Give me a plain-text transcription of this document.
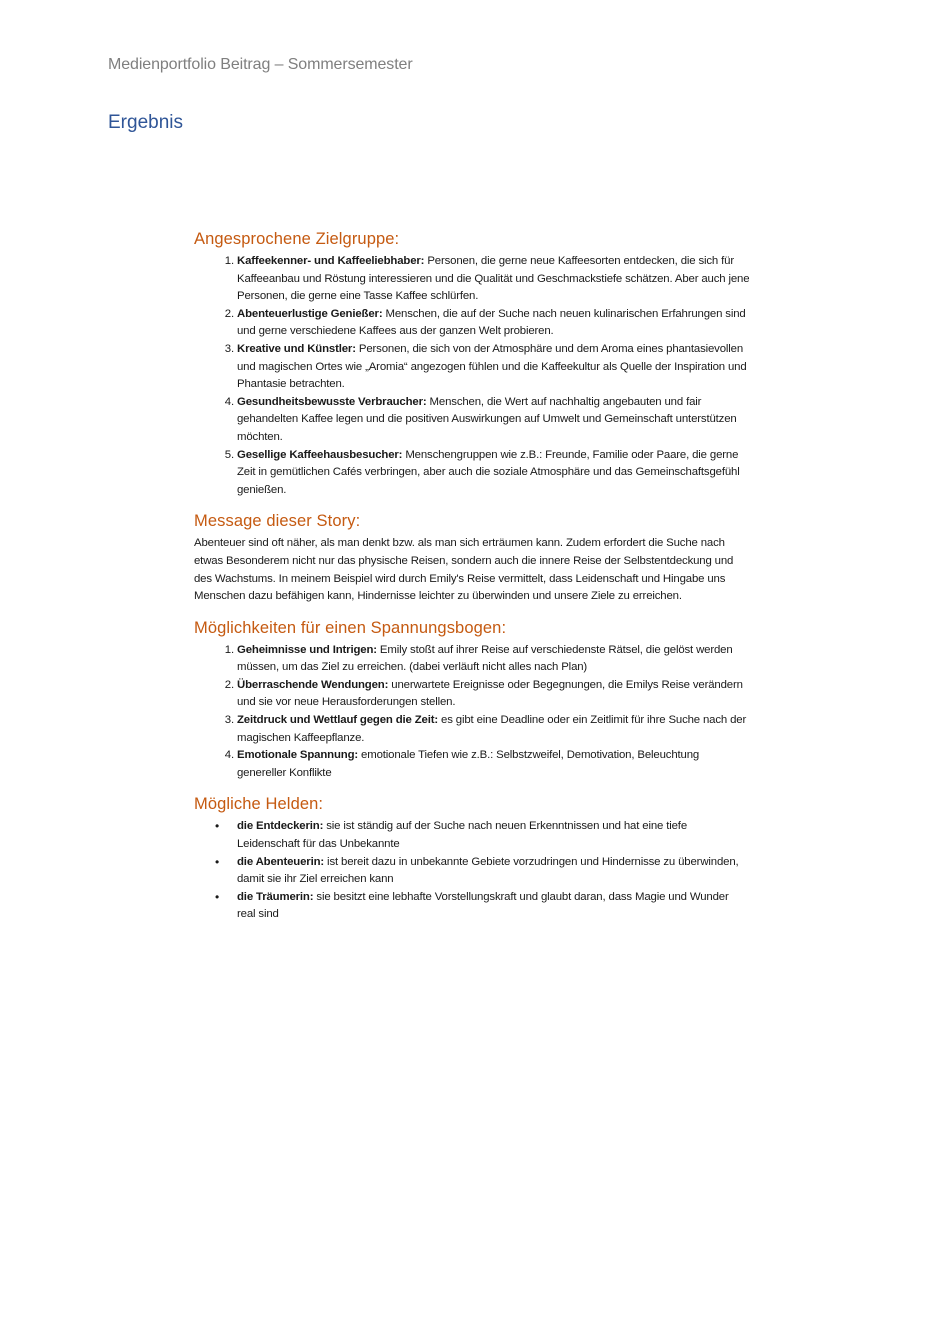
Medienportfolio Beitrag – Sommersemester
Ergebnis
Angesprochene Zielgruppe:
1. Kaffeekenner- und Kaffeeliebhaber: Personen, die gerne neue Kaffeesorten entdecken, die sich für Kaffeeanbau und Röstung interessieren und die Qualität und Geschmackstiefe schätzen. Aber auch jene Personen, die gerne eine Tasse Kaffee schlürfen.
2. Abenteuerlustige Genießer: Menschen, die auf der Suche nach neuen kulinarischen Erfahrungen sind und gerne verschiedene Kaffees aus der ganzen Welt probieren.
3. Kreative und Künstler: Personen, die sich von der Atmosphäre und dem Aroma eines phantasievollen und magischen Ortes wie „Aromia“ angezogen fühlen und die Kaffeekultur als Quelle der Inspiration und Phantasie betrachten.
4. Gesundheitsbewusste Verbraucher: Menschen, die Wert auf nachhaltig angebauten und fair gehandelten Kaffee legen und die positiven Auswirkungen auf Umwelt und Gemeinschaft unterstützen möchten.
5. Gesellige Kaffeehausbesucher: Menschengruppen wie z.B.: Freunde, Familie oder Paare, die gerne Zeit in gemütlichen Cafés verbringen, aber auch die soziale Atmosphäre und das Gemeinschaftsgefühl genießen.
Message dieser Story:

Abenteuer sind oft näher, als man denkt bzw. als man sich erträumen kann. Zudem erfordert die Suche nach etwas Besonderem nicht nur das physische Reisen, sondern auch die innere Reise der Selbstentdeckung und des Wachstums. In meinem Beispiel wird durch Emily's Reise vermittelt, dass Leidenschaft und Hingabe uns Menschen dazu befähigen kann, Hindernisse leichter zu überwinden und unsere Ziele zu erreichen.

Möglichkeiten für einen Spannungsbogen:
1. Geheimnisse und Intrigen: Emily stoßt auf ihrer Reise auf verschiedenste Rätsel, die gelöst werden müssen, um das Ziel zu erreichen. (dabei verläuft nicht alles nach Plan)
2. Überraschende Wendungen: unerwartete Ereignisse oder Begegnungen, die Emilys Reise verändern und sie vor neue Herausforderungen stellen.
3. Zeitdruck und Wettlauf gegen die Zeit: es gibt eine Deadline oder ein Zeitlimit für ihre Suche nach der magischen Kaffeepflanze.
4. Emotionale Spannung: emotionale Tiefen wie z.B.: Selbstzweifel, Demotivation, Beleuchtung genereller Konflikte
Mögliche Helden:
• die Entdeckerin: sie ist ständig auf der Suche nach neuen Erkenntnissen und hat eine tiefe Leidenschaft für das Unbekannte
• die Abenteuerin: ist bereit dazu in unbekannte Gebiete vorzudringen und Hindernisse zu überwinden, damit sie ihr Ziel erreichen kann
• die Träumerin: sie besitzt eine lebhafte Vorstellungskraft und glaubt daran, dass Magie und Wunder real sind
